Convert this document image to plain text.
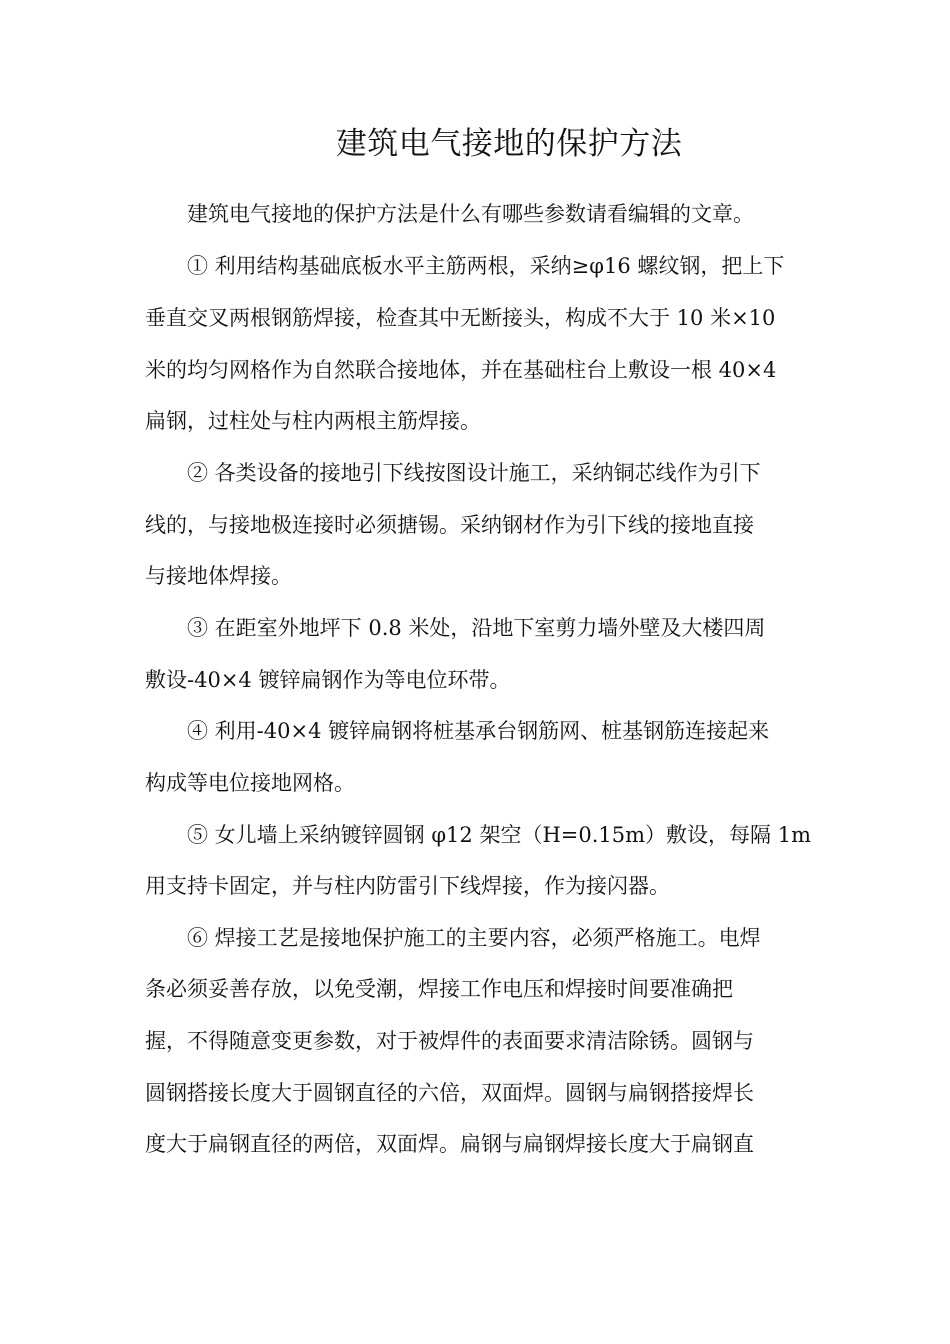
建筑电气接地的保护方法

建筑电气接地的保护方法是什么有哪些参数请看编辑的文章。

① 利用结构基础底板水平主筋两根，采纳≥φ16 螺纹钢，把上下

垂直交叉两根钢筋焊接，检查其中无断接头，构成不大于 10 米×10

米的均匀网格作为自然联合接地体，并在基础柱台上敷设一根 40×4

扁钢，过柱处与柱内两根主筋焊接。

② 各类设备的接地引下线按图设计施工，采纳铜芯线作为引下

线的，与接地极连接时必须搪锡。采纳钢材作为引下线的接地直接

与接地体焊接。

③ 在距室外地坪下 0.8 米处，沿地下室剪力墙外壁及大楼四周

敷设-40×4 镀锌扁钢作为等电位环带。

④ 利用-40×4 镀锌扁钢将桩基承台钢筋网、桩基钢筋连接起来

构成等电位接地网格。

⑤ 女儿墙上采纳镀锌圆钢 φ12 架空（H=0.15m）敷设，每隔 1m

用支持卡固定，并与柱内防雷引下线焊接，作为接闪器。

⑥ 焊接工艺是接地保护施工的主要内容，必须严格施工。电焊

条必须妥善存放，以免受潮，焊接工作电压和焊接时间要准确把

握，不得随意变更参数，对于被焊件的表面要求清洁除锈。圆钢与

圆钢搭接长度大于圆钢直径的六倍，双面焊。圆钢与扁钢搭接焊长

度大于扁钢直径的两倍，双面焊。扁钢与扁钢焊接长度大于扁钢直
